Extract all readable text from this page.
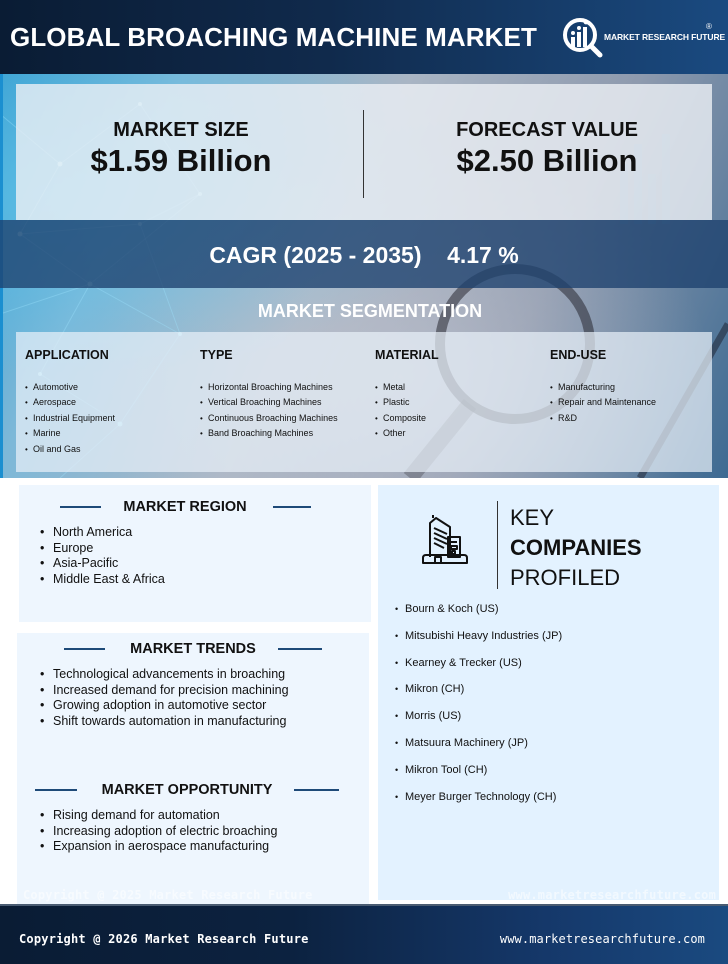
GLOBAL BROACHING MACHINE MARKET	MARKET RESEARCH FUTURE
®
MARKET SIZE
$1.59 Billion
FORECAST VALUE
$2.50 Billion
CAGR (2025 - 2035)    4.17 %
MARKET SEGMENTATION
APPLICATION
• Automotive
• Aerospace
• Industrial Equipment
• Marine
• Oil and Gas
TYPE
• Horizontal Broaching Machines
• Vertical Broaching Machines
• Continuous Broaching Machines
• Band Broaching Machines
MATERIAL
• Metal
• Plastic
• Composite
• Other
END-USE
• Manufacturing
• Repair and Maintenance
• R&D
MARKET REGION
• North America
• Europe
• Asia-Pacific
• Middle East & Africa
MARKET TRENDS
• Technological advancements in broaching
• Increased demand for precision machining
• Growing adoption in automotive sector
• Shift towards automation in manufacturing
MARKET OPPORTUNITY
• Rising demand for automation
• Increasing adoption of electric broaching
• Expansion in aerospace manufacturing
Copyright @ 2025 Market Research Future
KEY
COMPANIES
PROFILED
• Bourn & Koch (US)
• Mitsubishi Heavy Industries (JP)
• Kearney & Trecker (US)
• Mikron (CH)
• Morris (US)
• Matsuura Machinery (JP)
• Mikron Tool (CH)
• Meyer Burger Technology (CH)
www.marketresearchfuture.com
Copyright @ 2026 Market Research Future	www.marketresearchfuture.com
